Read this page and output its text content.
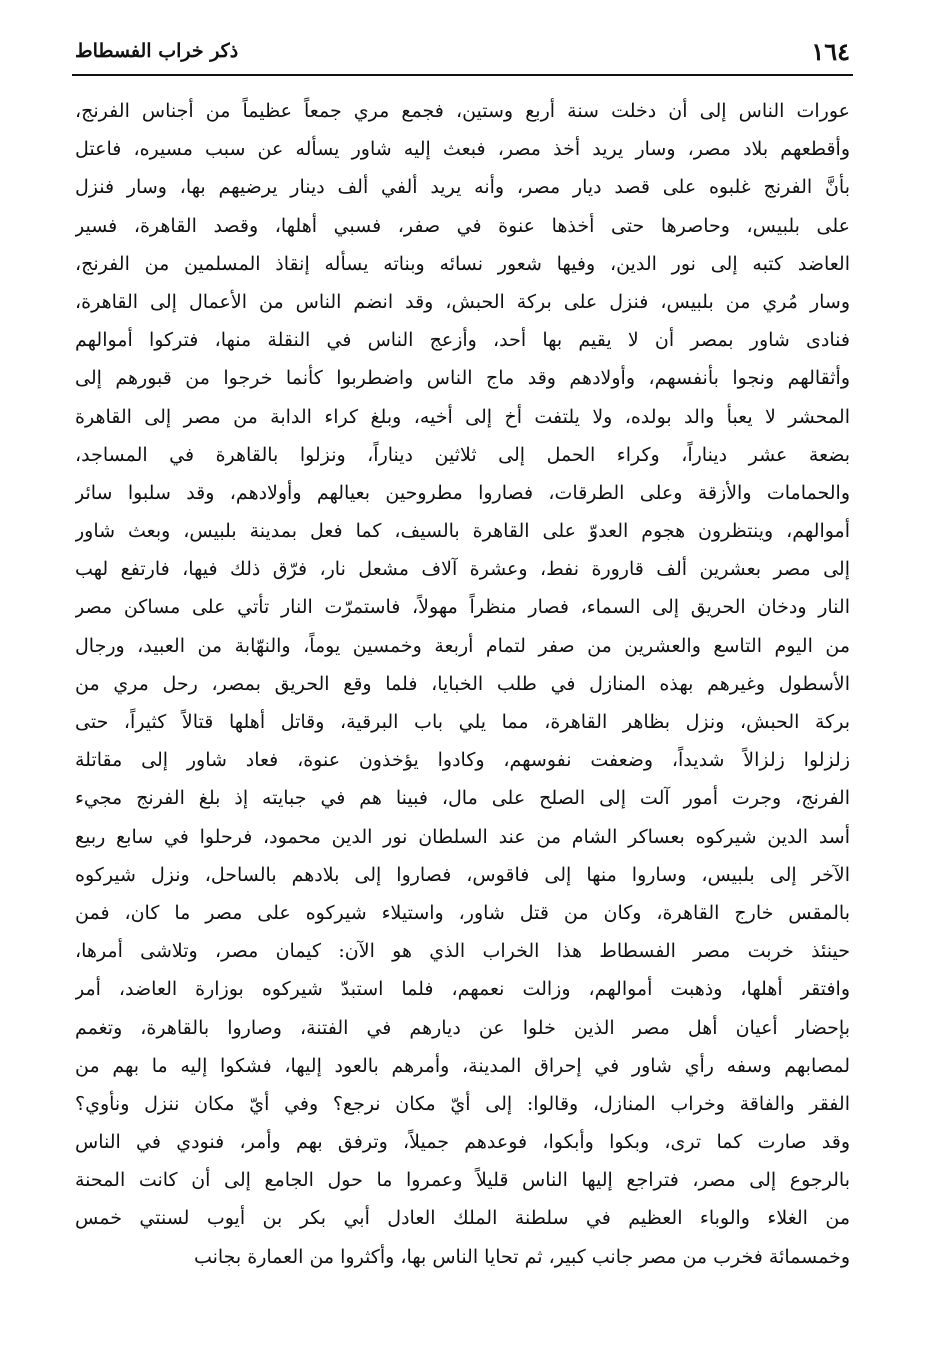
١٦٤
ذكر خراب الفسطاط
عورات الناس إلى أن دخلت سنة أربع وستين، فجمع مري جمعاً عظيماً من أجناس الفرنج،
وأقطعهم بلاد مصر، وسار يريد أخذ مصر، فبعث إليه شاور يسأله عن سبب مسيره، فاعتل
بأنَّ الفرنج غلبوه على قصد ديار مصر، وأنه يريد ألفي ألف دينار يرضيهم بها، وسار فنزل
على بلبيس، وحاصرها حتى أخذها عنوة في صفر، فسبي أهلها، وقصد القاهرة، فسير
العاضد كتبه إلى نور الدين، وفيها شعور نسائه وبناته يسأله إنقاذ المسلمين من الفرنج،
وسار مُري من بلبيس، فنزل على بركة الحبش، وقد انضم الناس من الأعمال إلى القاهرة،
فنادى شاور بمصر أن لا يقيم بها أحد، وأزعج الناس في النقلة منها، فتركوا أموالهم
وأثقالهم ونجوا بأنفسهم، وأولادهم وقد ماج الناس واضطربوا كأنما خرجوا من قبورهم إلى
المحشر لا يعبأ والد بولده، ولا يلتفت أخ إلى أخيه، وبلغ كراء الدابة من مصر إلى القاهرة
بضعة عشر ديناراً، وكراء الحمل إلى ثلاثين ديناراً، ونزلوا بالقاهرة في المساجد،
والحمامات والأزقة وعلى الطرقات، فصاروا مطروحين بعيالهم وأولادهم، وقد سلبوا سائر
أموالهم، وينتظرون هجوم العدوّ على القاهرة بالسيف، كما فعل بمدينة بلبيس، وبعث شاور
إلى مصر بعشرين ألف قارورة نفط، وعشرة آلاف مشعل نار، فرّق ذلك فيها، فارتفع لهب
النار ودخان الحريق إلى السماء، فصار منظراً مهولاً، فاستمرّت النار تأتي على مساكن مصر
من اليوم التاسع والعشرين من صفر لتمام أربعة وخمسين يوماً، والنهّابة من العبيد، ورجال
الأسطول وغيرهم بهذه المنازل في طلب الخبايا، فلما وقع الحريق بمصر، رحل مري من
بركة الحبش، ونزل بظاهر القاهرة، مما يلي باب البرقية، وقاتل أهلها قتالاً كثيراً، حتى
زلزلوا زلزالاً شديداً، وضعفت نفوسهم، وكادوا يؤخذون عنوة، فعاد شاور إلى مقاتلة
الفرنج، وجرت أمور آلت إلى الصلح على مال، فبينا هم في جبايته إذ بلغ الفرنج مجيء
أسد الدين شيركوه بعساكر الشام من عند السلطان نور الدين محمود، فرحلوا في سابع ربيع
الآخر إلى بلبيس، وساروا منها إلى فاقوس، فصاروا إلى بلادهم بالساحل، ونزل شيركوه
بالمقس خارج القاهرة، وكان من قتل شاور، واستيلاء شيركوه على مصر ما كان، فمن
حينئذ خربت مصر الفسطاط هذا الخراب الذي هو الآن: كيمان مصر، وتلاشى أمرها،
وافتقر أهلها، وذهبت أموالهم، وزالت نعمهم، فلما استبدّ شيركوه بوزارة العاضد، أمر
بإحضار أعيان أهل مصر الذين خلوا عن ديارهم في الفتنة، وصاروا بالقاهرة، وتغمم
لمصابهم وسفه رأي شاور في إحراق المدينة، وأمرهم بالعود إليها، فشكوا إليه ما بهم من
الفقر والفاقة وخراب المنازل، وقالوا: إلى أيّ مكان نرجع؟ وفي أيّ مكان ننزل ونأوي؟
وقد صارت كما ترى، وبكوا وأبكوا، فوعدهم جميلاً، وترفق بهم وأمر، فنودي في الناس
بالرجوع إلى مصر، فتراجع إليها الناس قليلاً وعمروا ما حول الجامع إلى أن كانت المحنة
من الغلاء والوباء العظيم في سلطنة الملك العادل أبي بكر بن أيوب لسنتي خمس
وخمسمائة فخرب من مصر جانب كبير، ثم تحايا الناس بها، وأكثروا من العمارة بجانب
